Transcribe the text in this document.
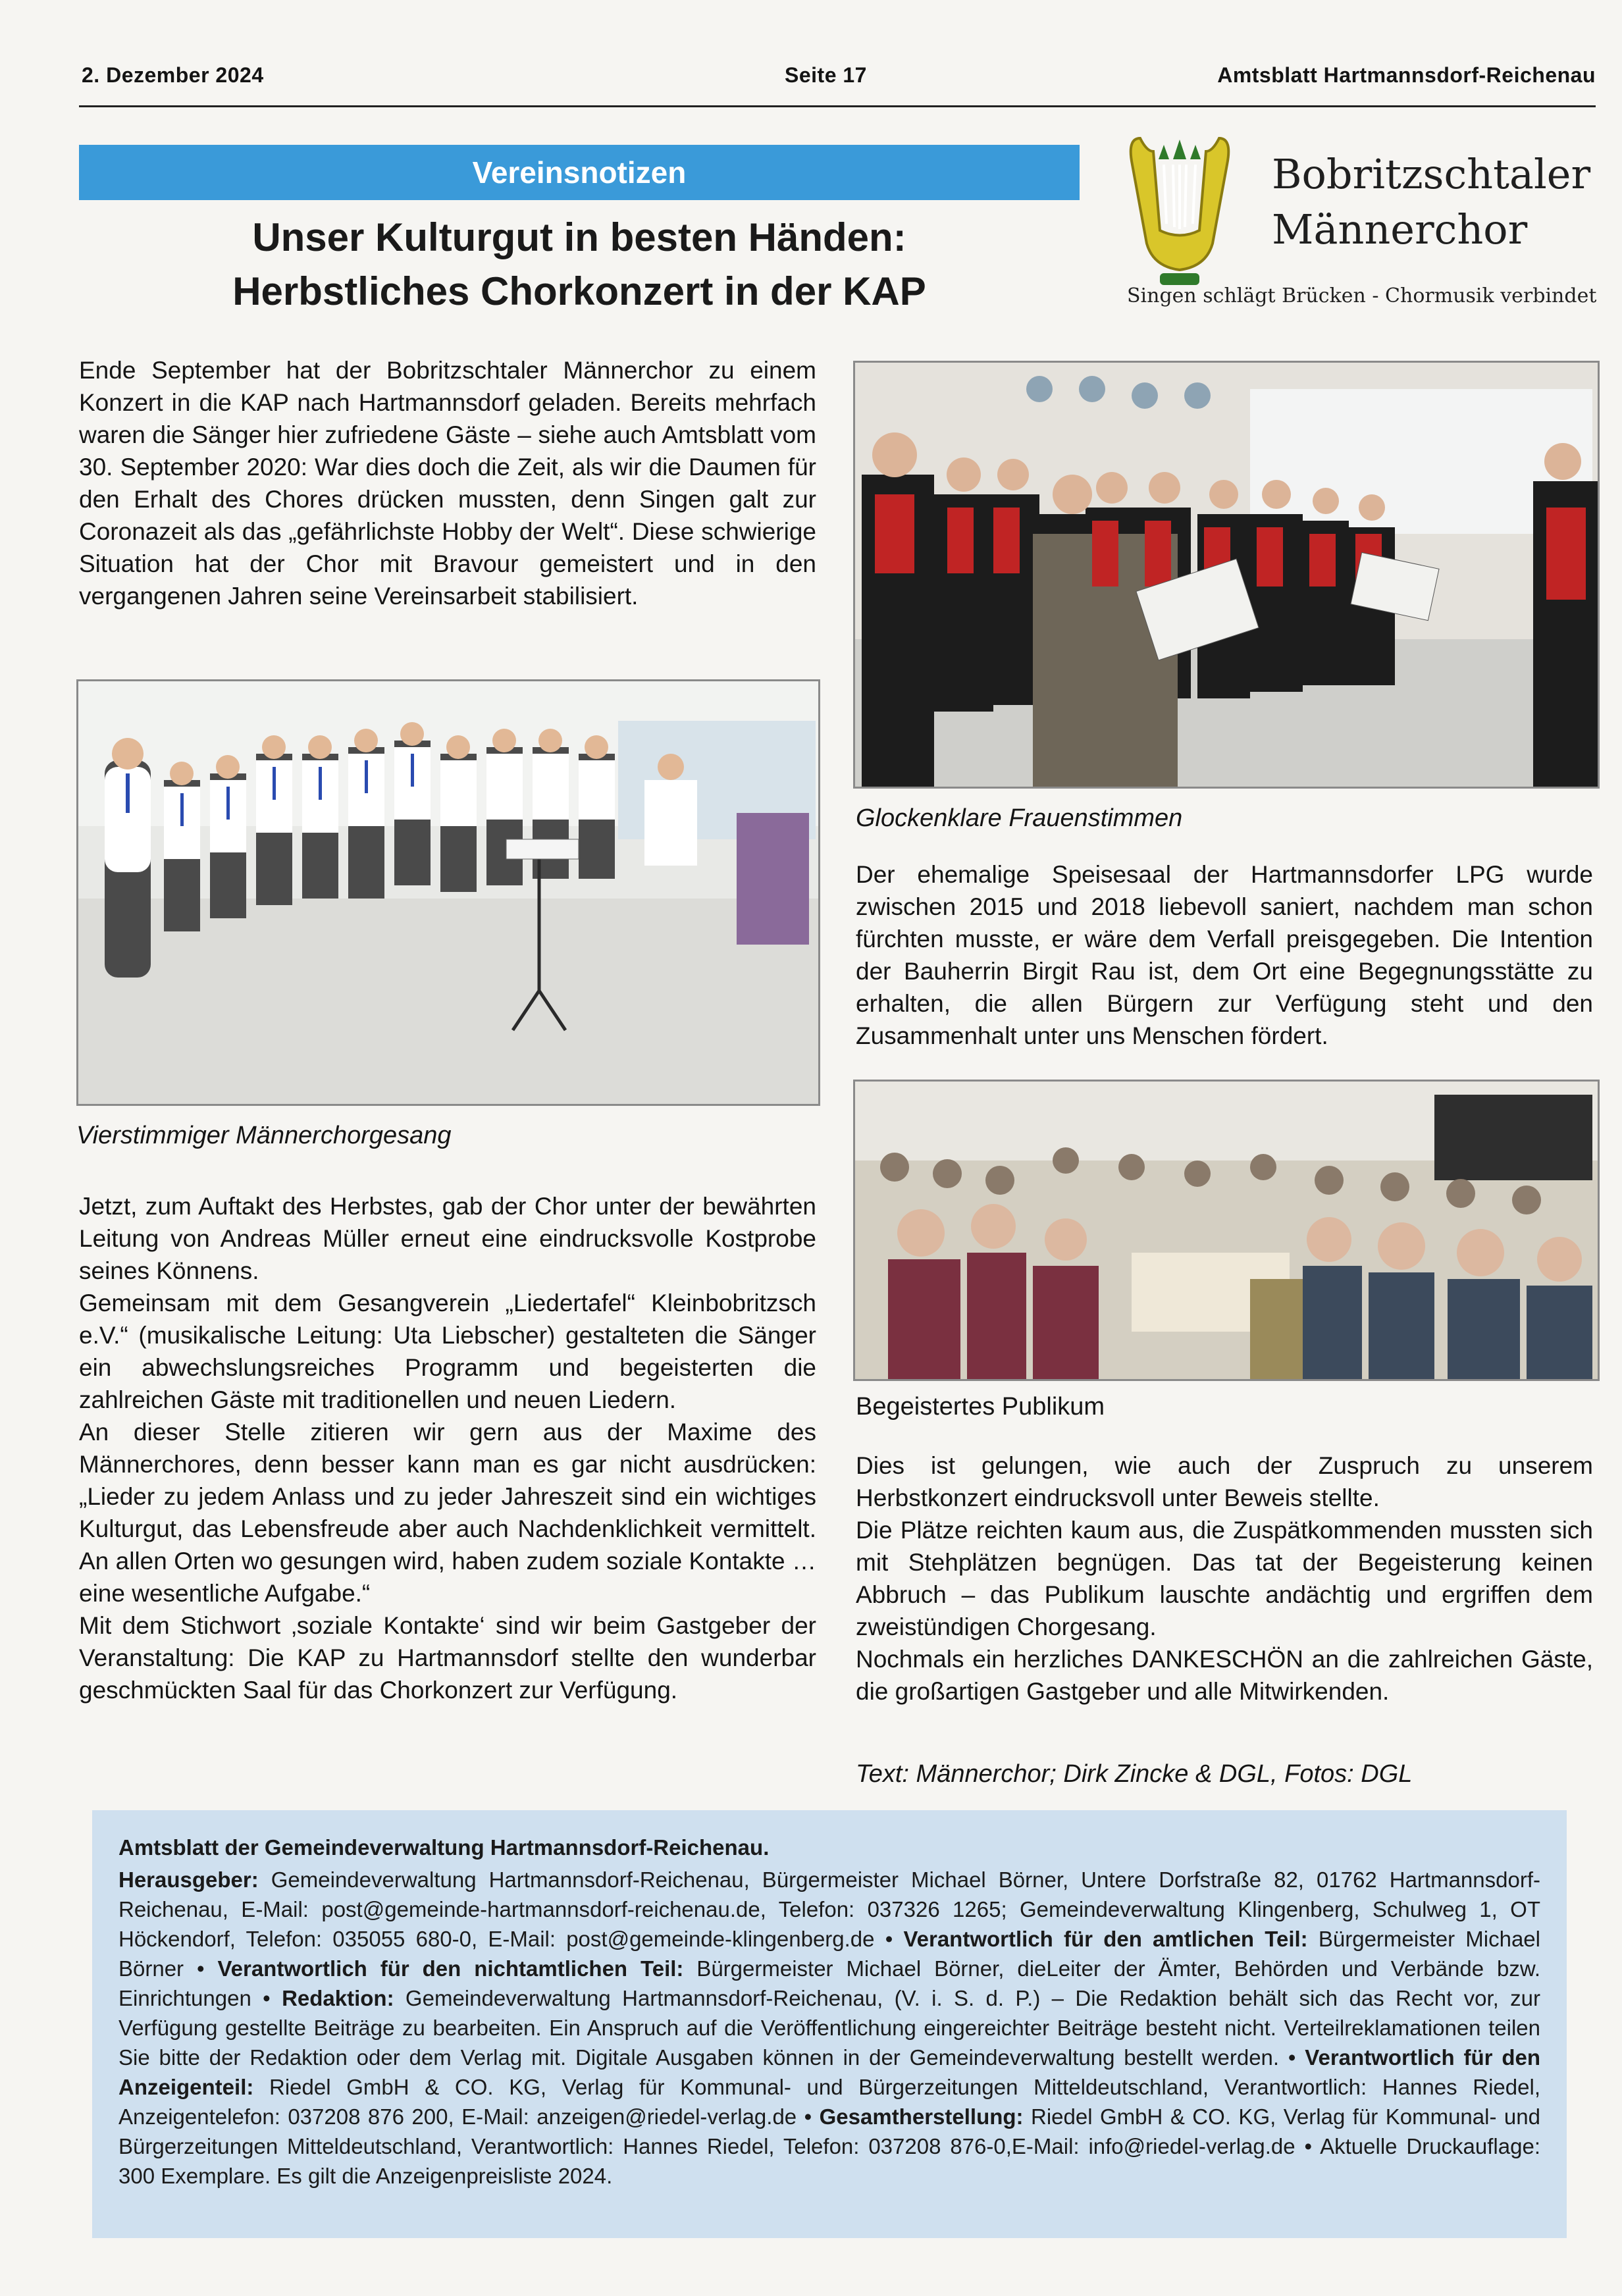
2. Dezember 2024	Seite 17	Amtsblatt Hartmannsdorf-Reichenau
Vereinsnotizen
Unser Kulturgut in besten Händen:
Herbstliches Chorkonzert in der KAP
Bobritzschtaler
Männerchor
Singen schlägt Brücken - Chormusik verbindet

Ende September hat der Bobritzschtaler Männerchor zu einem Konzert in die KAP nach Hartmannsdorf geladen. Bereits mehrfach waren die Sänger hier zufriedene Gäste – siehe auch Amtsblatt vom 30. September 2020: War dies doch die Zeit, als wir die Daumen für den Erhalt des Chores drücken mussten, denn Singen galt zur Coronazeit als das „gefährlichste Hobby der Welt“. Diese schwierige Situation hat der Chor mit Bravour gemeistert und in den vergangenen Jahren seine Vereinsarbeit stabilisiert.

Vierstimmiger Männerchorgesang

Jetzt, zum Auftakt des Herbstes, gab der Chor unter der bewährten Leitung von Andreas Müller erneut eine eindrucksvolle Kostprobe seines Könnens.

Gemeinsam mit dem Gesangverein „Liedertafel“ Kleinbobritzsch e.V.“ (musikalische Leitung: Uta Liebscher) gestalteten die Sänger ein abwechslungsreiches Programm und begeisterten die zahlreichen Gäste mit traditionellen und neuen Liedern.

An dieser Stelle zitieren wir gern aus der Maxime des Männerchores, denn besser kann man es gar nicht ausdrücken: „Lieder zu jedem Anlass und zu jeder Jahreszeit sind ein wichtiges Kulturgut, das Lebensfreude aber auch Nachdenklichkeit vermittelt. An allen Orten wo gesungen wird, haben zudem soziale Kontakte … eine wesentliche Aufgabe.“

Mit dem Stichwort ‚soziale Kontakte‘ sind wir beim Gastgeber der Veranstaltung: Die KAP zu Hartmannsdorf stellte den wunderbar geschmückten Saal für das Chorkonzert zur Verfügung.

Glockenklare Frauenstimmen

Der ehemalige Speisesaal der Hartmannsdorfer LPG wurde zwischen 2015 und 2018 liebevoll saniert, nachdem man schon fürchten musste, er wäre dem Verfall preisgegeben. Die Intention der Bauherrin Birgit Rau ist, dem Ort eine Begegnungsstätte zu erhalten, die allen Bürgern zur Verfügung steht und den Zusammenhalt unter uns Menschen fördert.

Begeistertes Publikum

Dies ist gelungen, wie auch der Zuspruch zu unserem Herbstkonzert eindrucksvoll unter Beweis stellte.

Die Plätze reichten kaum aus, die Zuspätkommenden mussten sich mit Stehplätzen begnügen. Das tat der Begeisterung keinen Abbruch – das Publikum lauschte andächtig und ergriffen dem zweistündigen Chorgesang.

Nochmals ein herzliches DANKESCHÖN an die zahlreichen Gäste, die großartigen Gastgeber und alle Mitwirkenden.

Text: Männerchor; Dirk Zincke & DGL, Fotos: DGL

Amtsblatt der Gemeindeverwaltung Hartmannsdorf-Reichenau.

Herausgeber: Gemeindeverwaltung Hartmannsdorf-Reichenau, Bürgermeister Michael Börner, Untere Dorfstraße 82, 01762 Hartmannsdorf-Reichenau, E-Mail: post@gemeinde-hartmannsdorf-reichenau.de, Telefon: 037326 1265; Gemeindeverwaltung Klingenberg, Schulweg 1, OT Höckendorf, Telefon: 035055 680-0, E-Mail: post@gemeinde-klingenberg.de • Verantwortlich für den amtlichen Teil: Bürgermeister Michael Börner • Verantwortlich für den nichtamtlichen Teil: Bürgermeister Michael Börner, dieLeiter der Ämter, Behörden und Verbände bzw. Einrichtungen • Redaktion: Gemeindeverwaltung Hartmannsdorf-Reichenau, (V. i. S. d. P.) – Die Redaktion behält sich das Recht vor, zur Verfügung gestellte Beiträge zu bearbeiten. Ein Anspruch auf die Veröffentlichung eingereichter Beiträge besteht nicht. Verteilreklamationen teilen Sie bitte der Redaktion oder dem Verlag mit. Digitale Ausgaben können in der Gemeindeverwaltung bestellt werden. • Verantwortlich für den Anzeigenteil: Riedel GmbH & CO. KG, Verlag für Kommunal- und Bürgerzeitungen Mitteldeutschland, Verantwortlich: Hannes Riedel, Anzeigentelefon: 037208 876 200, E-Mail: anzeigen@riedel-verlag.de • Gesamtherstellung: Riedel GmbH & CO. KG, Verlag für Kommunal- und Bürgerzeitungen Mitteldeutschland, Verantwortlich: Hannes Riedel, Telefon: 037208 876-0,E-Mail: info@riedel-verlag.de • Aktuelle Druckauflage: 300 Exemplare. Es gilt die Anzeigenpreisliste 2024.
